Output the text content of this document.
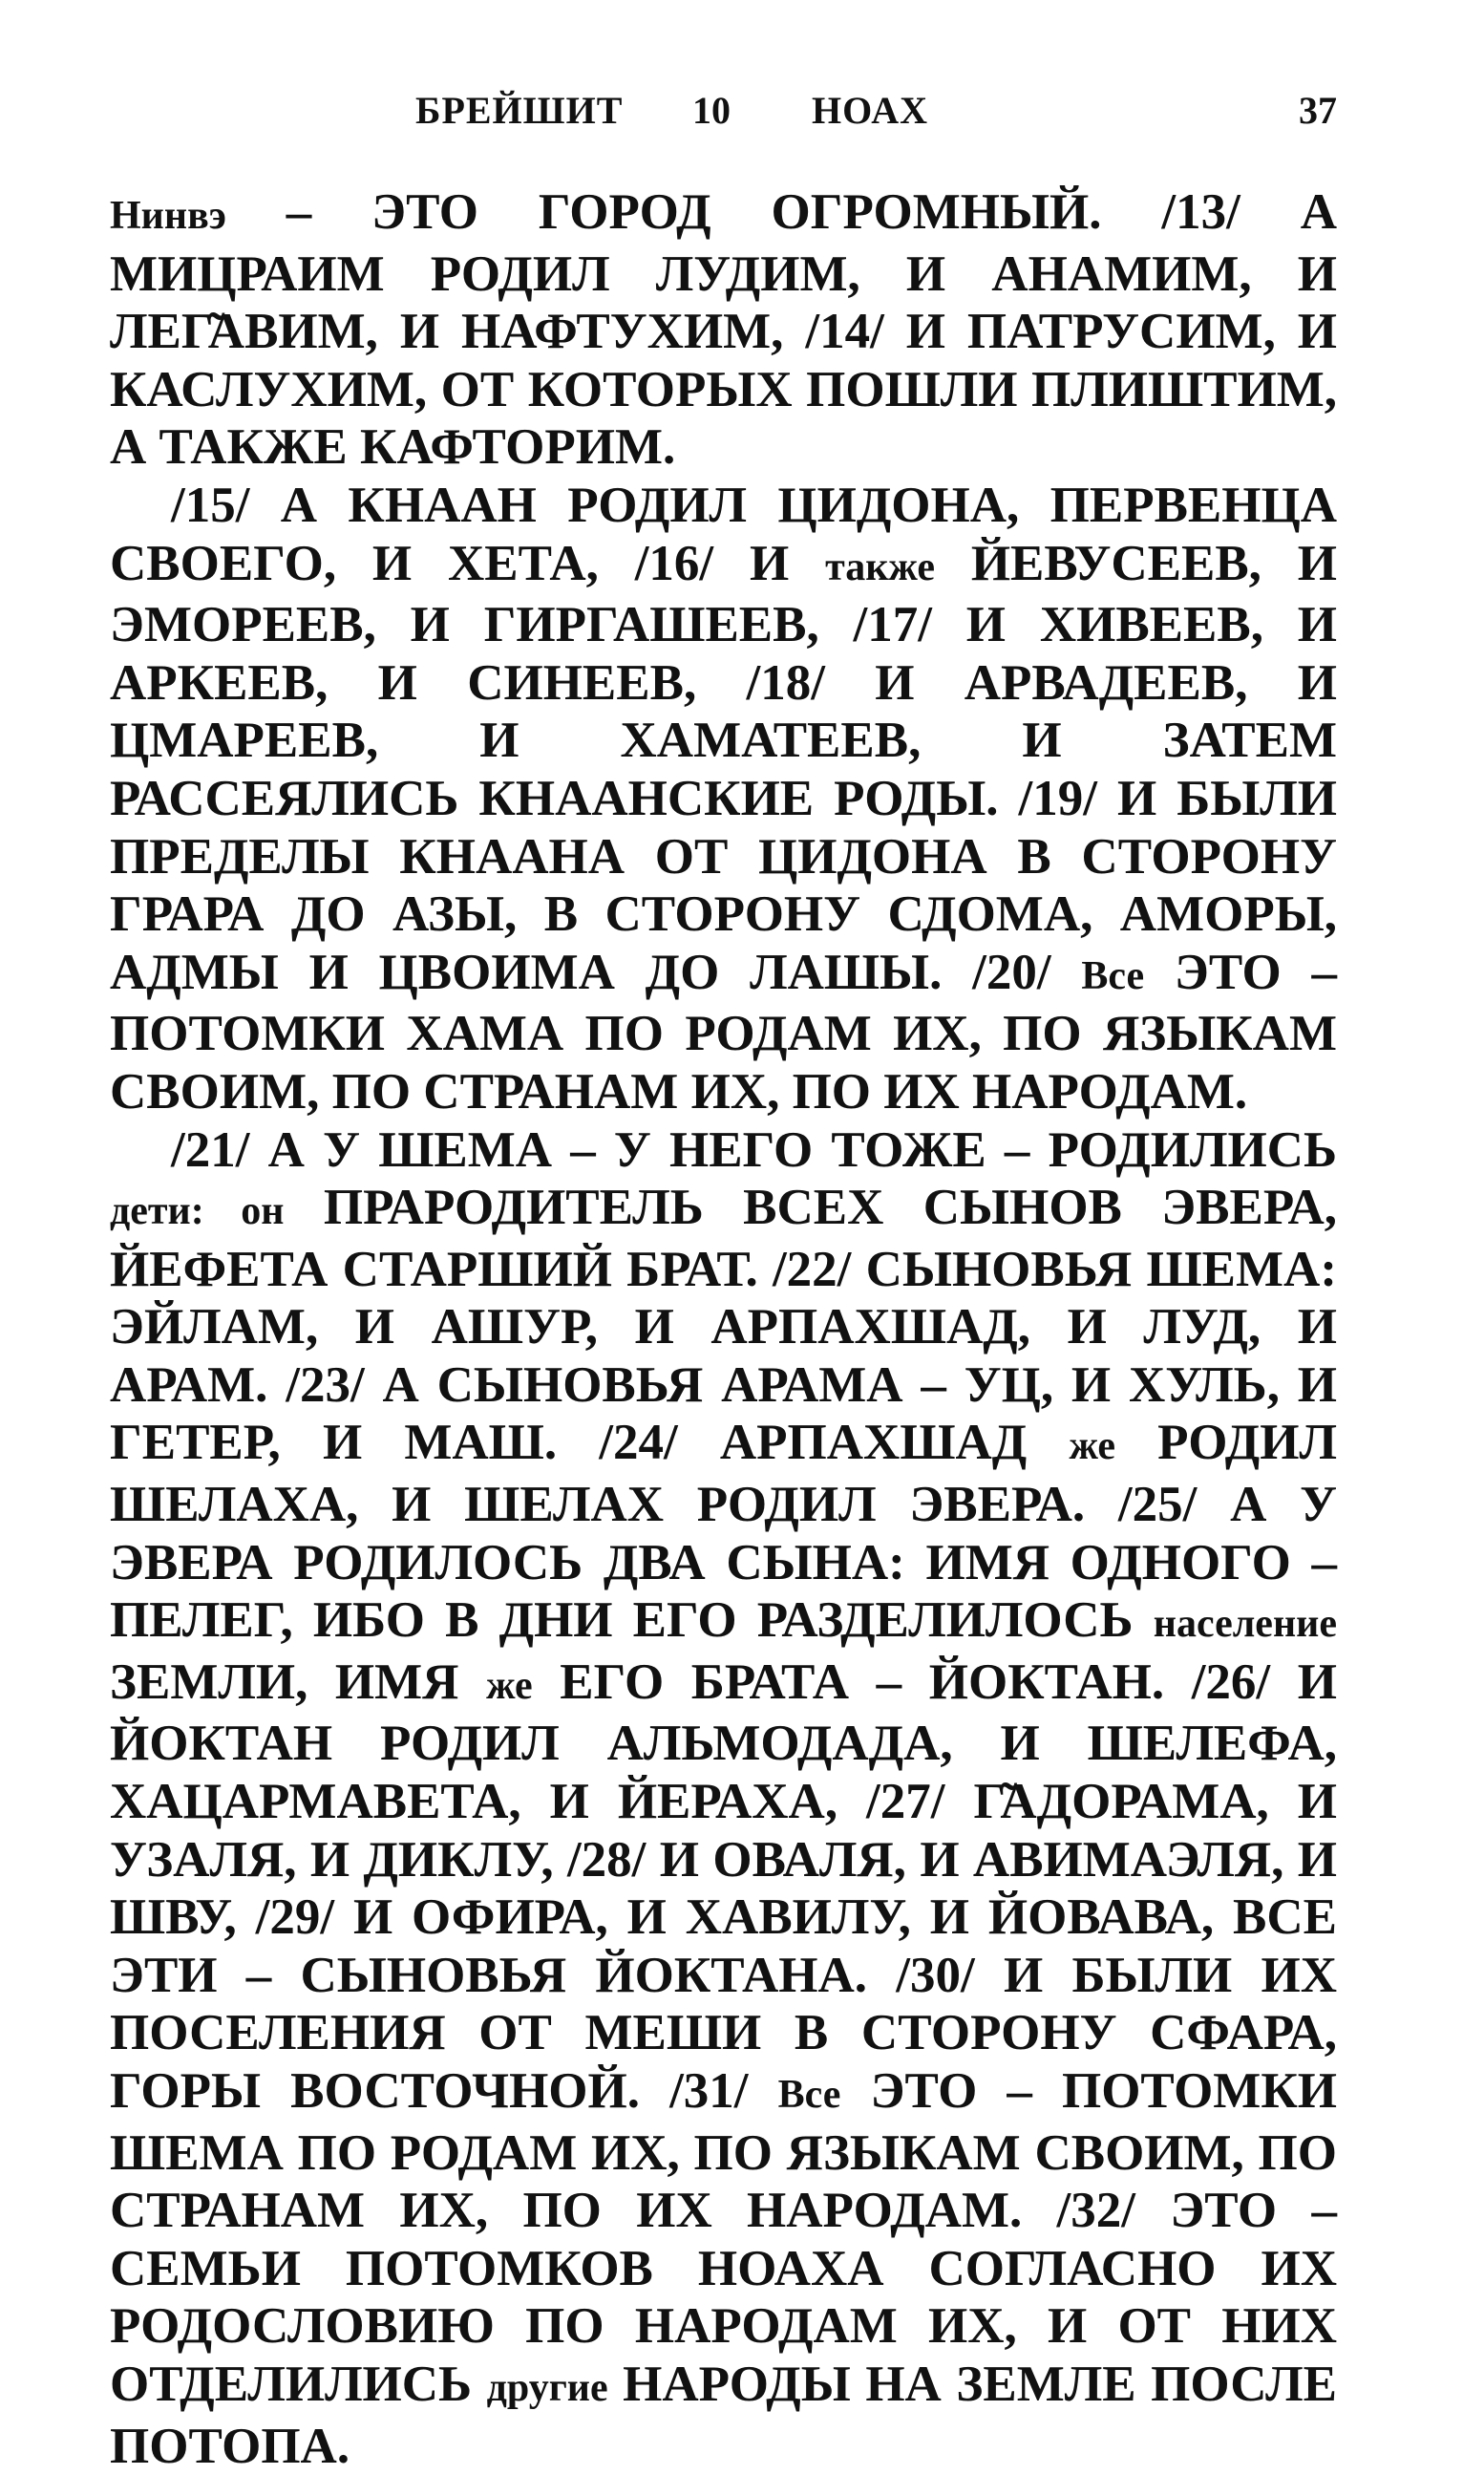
БРЕЙШИТ 10 НОАХ	37

Нинвэ – ЭТО ГОРОД ОГРОМНЫЙ. /13/ А МИЦРАИМ РОДИЛ ЛУДИМ, И АНАМИМ, И ЛЕГ̃АВИМ, И НАФТУХИМ, /14/ И ПАТРУСИМ, И КАСЛУХИМ, ОТ КОТОРЫХ ПОШЛИ ПЛИШТИМ, А ТАКЖЕ КАФТОРИМ.

/15/ А КНААН РОДИЛ ЦИДОНА, ПЕРВЕНЦА СВОЕГО, И ХЕТА, /16/ И также ЙЕВУСЕЕВ, И ЭМОРЕЕВ, И ГИРГАШЕЕВ, /17/ И ХИВЕЕВ, И АРКЕЕВ, И СИНЕЕВ, /18/ И АРВАДЕЕВ, И ЦМАРЕЕВ, И ХАМАТЕЕВ, И ЗАТЕМ РАССЕЯЛИСЬ КНААНСКИЕ РОДЫ. /19/ И БЫЛИ ПРЕДЕЛЫ КНААНА ОТ ЦИДОНА В СТОРОНУ ГРАРА ДО АЗЫ, В СТОРОНУ СДОМА, АМОРЫ, АДМЫ И ЦВОИМА ДО ЛАШЫ. /20/ Все ЭТО – ПОТОМКИ ХАМА ПО РОДАМ ИХ, ПО ЯЗЫКАМ СВОИМ, ПО СТРАНАМ ИХ, ПО ИХ НАРОДАМ.

/21/ А У ШЕМА – У НЕГО ТОЖЕ – РОДИЛИСЬ дети: он ПРАРОДИТЕЛЬ ВСЕХ СЫНОВ ЭВЕРА, ЙЕФЕТА СТАРШИЙ БРАТ. /22/ СЫНОВЬЯ ШЕМА: ЭЙЛАМ, И АШУР, И АРПАХШАД, И ЛУД, И АРАМ. /23/ А СЫНОВЬЯ АРАМА – УЦ, И ХУЛЬ, И ГЕТЕР, И МАШ. /24/ АРПАХШАД же РОДИЛ ШЕЛАХА, И ШЕЛАХ РОДИЛ ЭВЕРА. /25/ А У ЭВЕРА РОДИЛОСЬ ДВА СЫНА: ИМЯ ОДНОГО – ПЕЛЕГ, ИБО В ДНИ ЕГО РАЗДЕЛИЛОСЬ население ЗЕМЛИ, ИМЯ же ЕГО БРАТА – ЙОКТАН. /26/ И ЙОКТАН РОДИЛ АЛЬМОДАДА, И ШЕЛЕФА, ХАЦАРМАВЕТА, И ЙЕРАХА, /27/ Г̃АДОРАМА, И УЗАЛЯ, И ДИКЛУ, /28/ И ОВАЛЯ, И АВИМАЭЛЯ, И ШВУ, /29/ И ОФИРА, И ХАВИЛУ, И ЙОВАВА, ВСЕ ЭТИ – СЫНОВЬЯ ЙОКТАНА. /30/ И БЫЛИ ИХ ПОСЕЛЕНИЯ ОТ МЕШИ В СТОРОНУ СФАРА, ГОРЫ ВОСТОЧНОЙ. /31/ Все ЭТО – ПОТОМКИ ШЕМА ПО РОДАМ ИХ, ПО ЯЗЫКАМ СВОИМ, ПО СТРАНАМ ИХ, ПО ИХ НАРОДАМ. /32/ ЭТО – СЕМЬИ ПОТОМКОВ НОАХА СОГЛАСНО ИХ РОДОСЛОВИЮ ПО НАРОДАМ ИХ, И ОТ НИХ ОТДЕЛИЛИСЬ другие НАРОДЫ НА ЗЕМЛЕ ПОСЛЕ ПОТОПА.
